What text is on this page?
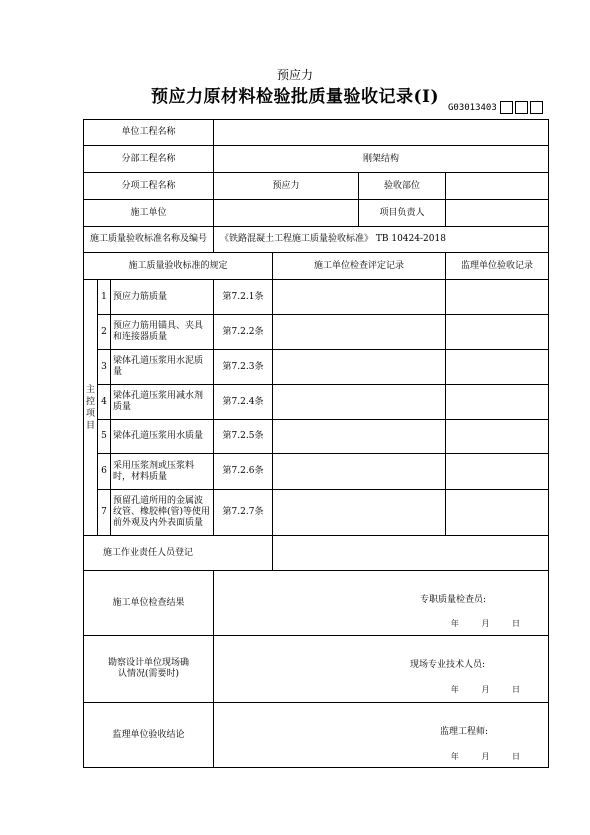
预应力
预应力原材料检验批质量验收记录(Ⅰ)
G03013403
单位工程名称						
分部工程名称			刚架结构			
分项工程名称			预应力		验收部位	
施工单位					项目负责人	
施工质量验收标准名称及编号			《铁路混凝土工程施工质量验收标准》 TB 10424-2018			
施工质量验收标准的规定				施工单位检查评定记录		监理单位验收记录
主控项目	1	预应力筋质量	第7.2.1条			
	2	预应力筋用锚具、夹具和连接器质量	第7.2.2条			
	3	梁体孔道压浆用水泥质量	第7.2.3条			
	4	梁体孔道压浆用减水剂质量	第7.2.4条			
	5	梁体孔道压浆用水质量	第7.2.5条			
	6	采用压浆剂或压浆料时，材料质量	第7.2.6条			
	7	预留孔道所用的金属波纹管、橡胶棒(管)等使用前外观及内外表面质量	第7.2.7条			
施工作业责任人员登记						
施工单位检查结果			专职质量检查员:
年 月 日			

勘察设计单位现场确认情况(需要时)			现场专业技术人员:
年 月 日			

监理单位验收结论			监理工程师:
年 月 日			
